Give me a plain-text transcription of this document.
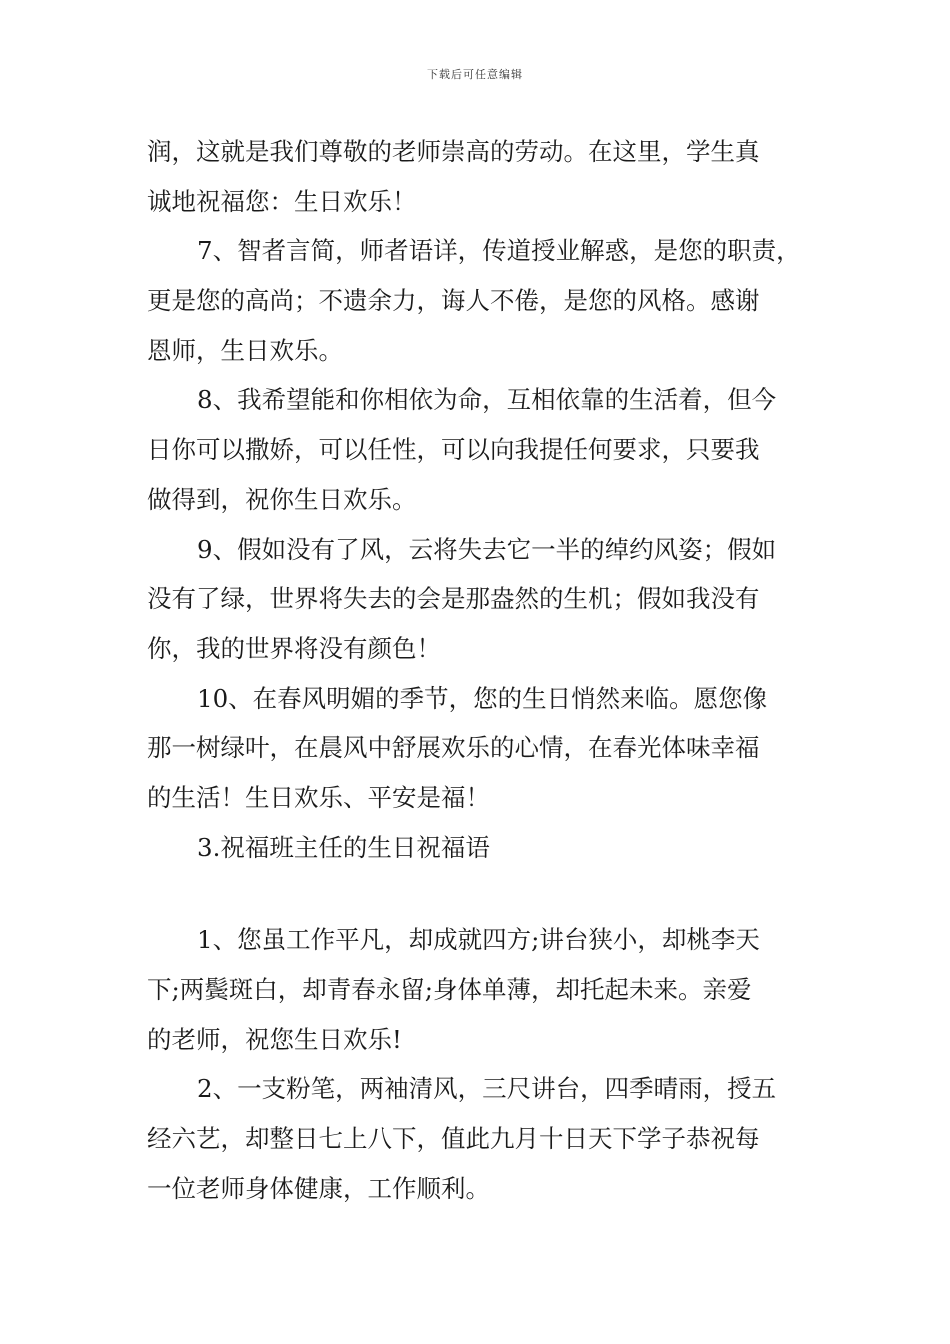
下载后可任意编辑
润，这就是我们尊敬的老师崇高的劳动。在这里，学生真
诚地祝福您：生日欢乐！
7、智者言简，师者语详，传道授业解惑，是您的职责，
更是您的高尚；不遗余力，诲人不倦，是您的风格。感谢
恩师，生日欢乐。
8、我希望能和你相依为命，互相依靠的生活着，但今
日你可以撒娇，可以任性，可以向我提任何要求，只要我
做得到，祝你生日欢乐。
9、假如没有了风，云将失去它一半的绰约风姿；假如
没有了绿，世界将失去的会是那盎然的生机；假如我没有
你，我的世界将没有颜色！
10、在春风明媚的季节，您的生日悄然来临。愿您像
那一树绿叶，在晨风中舒展欢乐的心情，在春光体味幸福
的生活！生日欢乐、平安是福！
3.祝福班主任的生日祝福语
1、您虽工作平凡，却成就四方;讲台狭小，却桃李天
下;两鬓斑白，却青春永留;身体单薄，却托起未来。亲爱
的老师，祝您生日欢乐!
2、一支粉笔，两袖清风，三尺讲台，四季晴雨，授五
经六艺，却整日七上八下，值此九月十日天下学子恭祝每
一位老师身体健康，工作顺利。
